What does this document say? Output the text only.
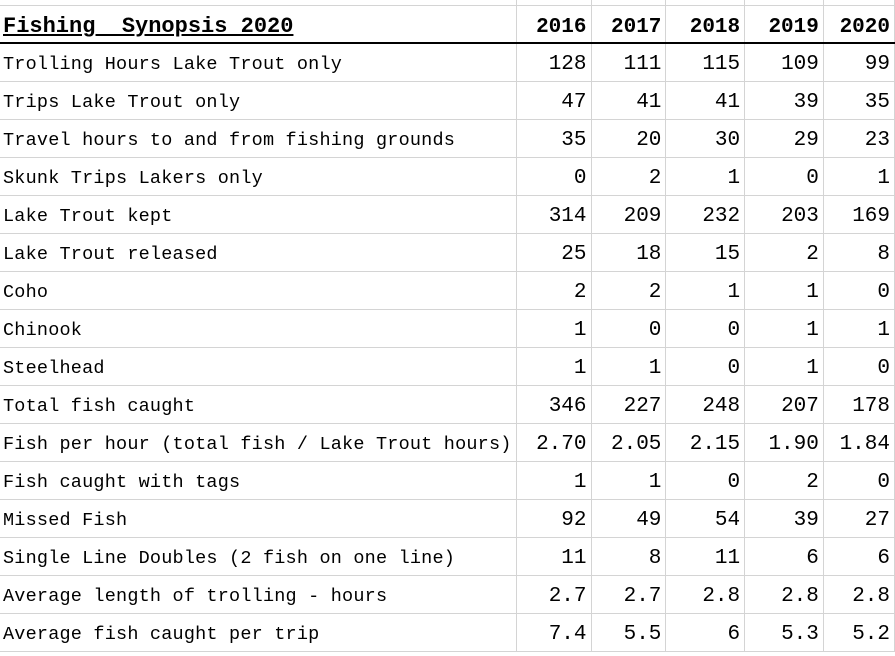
Fishing  Synopsis 2020	2016	2017	2018	2019	2020
Trolling Hours Lake Trout only	128	111	115	109	99
Trips Lake Trout only	47	41	41	39	35
Travel hours to and from fishing grounds	35	20	30	29	23
Skunk Trips Lakers only	0	2	1	0	1
Lake Trout kept	314	209	232	203	169
Lake Trout released	25	18	15	2	8
Coho	2	2	1	1	0
Chinook	1	0	0	1	1
Steelhead	1	1	0	1	0
Total fish caught	346	227	248	207	178
Fish per hour (total fish / Lake Trout hours)	2.70	2.05	2.15	1.90	1.84
Fish caught with tags	1	1	0	2	0
Missed Fish	92	49	54	39	27
Single Line Doubles (2 fish on one line)	11	8	11	6	6
Average length of trolling - hours	2.7	2.7	2.8	2.8	2.8
Average fish caught per trip	7.4	5.5	6	5.3	5.2
